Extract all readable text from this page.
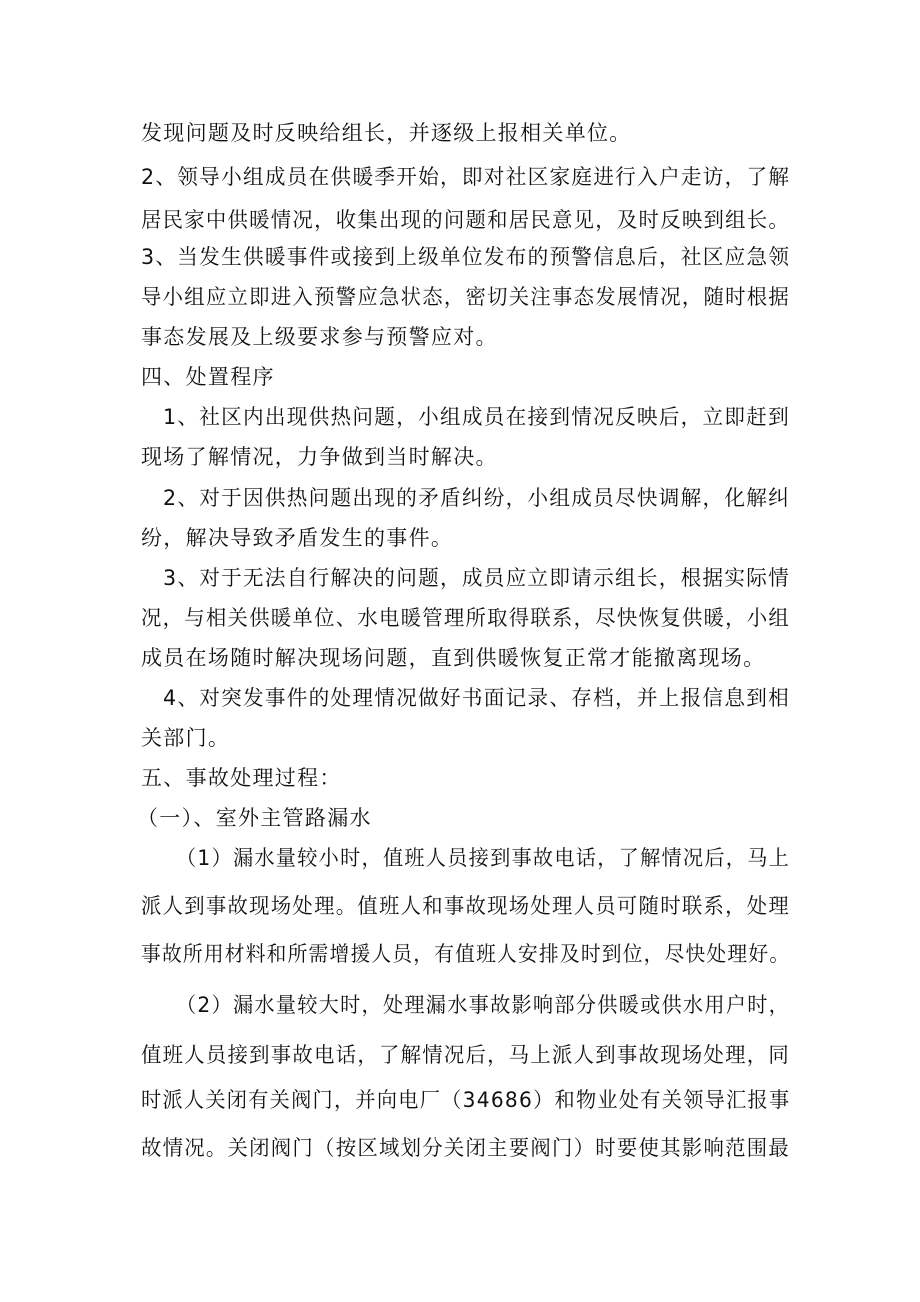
发现问题及时反映给组长，并逐级上报相关单位。
2、领导小组成员在供暖季开始，即对社区家庭进行入户走访，了解
居民家中供暖情况，收集出现的问题和居民意见，及时反映到组长。
3、当发生供暖事件或接到上级单位发布的预警信息后，社区应急领
导小组应立即进入预警应急状态，密切关注事态发展情况，随时根据
事态发展及上级要求参与预警应对。
四、处置程序
1、社区内出现供热问题，小组成员在接到情况反映后，立即赶到
现场了解情况，力争做到当时解决。
2、对于因供热问题出现的矛盾纠纷，小组成员尽快调解，化解纠
纷，解决导致矛盾发生的事件。
3、对于无法自行解决的问题，成员应立即请示组长，根据实际情
况，与相关供暖单位、水电暖管理所取得联系，尽快恢复供暖，小组
成员在场随时解决现场问题，直到供暖恢复正常才能撤离现场。
4、对突发事件的处理情况做好书面记录、存档，并上报信息到相
关部门。
五、事故处理过程：
（一）、室外主管路漏水
（1）漏水量较小时，值班人员接到事故电话，了解情况后，马上
派人到事故现场处理。值班人和事故现场处理人员可随时联系，处理
事故所用材料和所需增援人员，有值班人安排及时到位，尽快处理好。
（2）漏水量较大时，处理漏水事故影响部分供暖或供水用户时，
值班人员接到事故电话，了解情况后，马上派人到事故现场处理，同
时派人关闭有关阀门，并向电厂（34686）和物业处有关领导汇报事
故情况。关闭阀门（按区域划分关闭主要阀门）时要使其影响范围最
